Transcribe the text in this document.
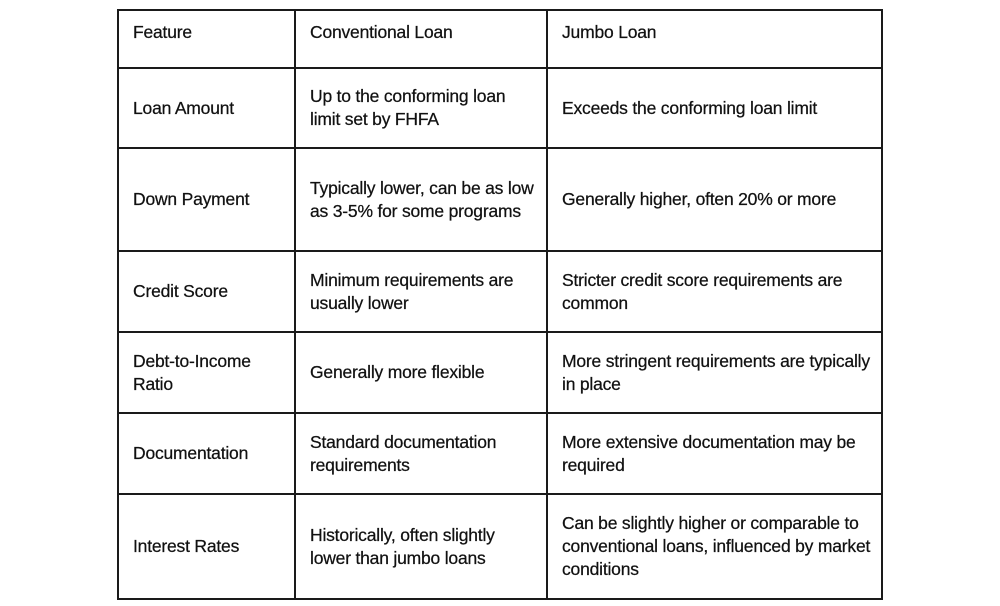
Feature	Conventional Loan	Jumbo Loan
Loan Amount	Up to the conforming loan limit set by FHFA	Exceeds the conforming loan limit
Down Payment	Typically lower, can be as low as 3-5% for some programs	Generally higher, often 20% or more
Credit Score	Minimum requirements are usually lower	Stricter credit score requirements are common
Debt-to-Income Ratio	Generally more flexible	More stringent requirements are typically in place
Documentation	Standard documentation requirements	More extensive documentation may be required
Interest Rates	Historically, often slightly lower than jumbo loans	Can be slightly higher or comparable to conventional loans, influenced by market conditions
